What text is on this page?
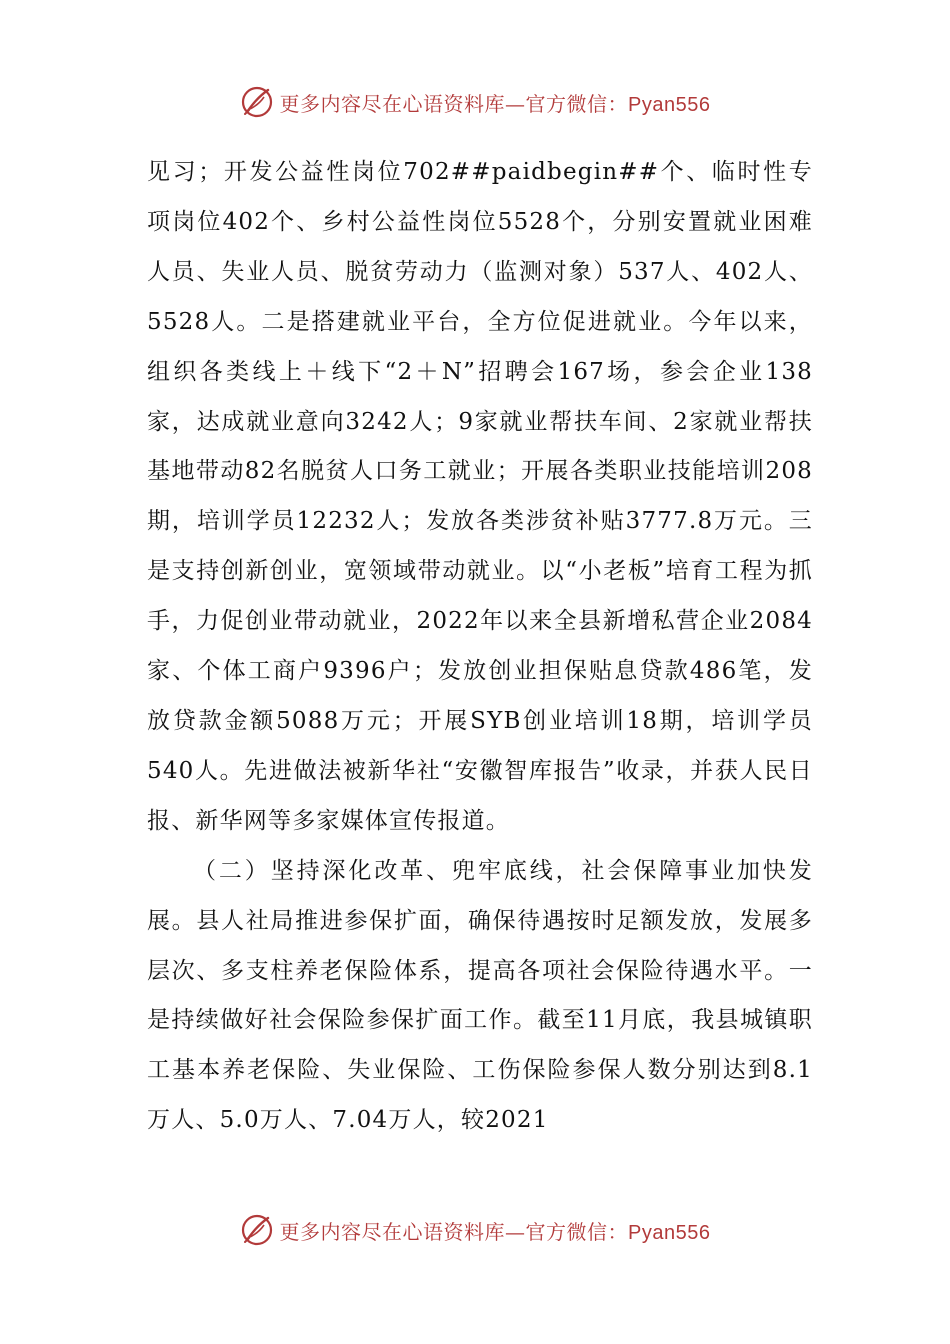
更多内容尽在心语资料库—官方微信：Pyan556

见习；开发公益性岗位702##paidbegin##个、临时性专项岗位402个、乡村公益性岗位5528个，分别安置就业困难人员、失业人员、脱贫劳动力（监测对象）537人、402人、5528人。二是搭建就业平台，全方位促进就业。今年以来，组织各类线上＋线下“2＋N”招聘会167场，参会企业138家，达成就业意向3242人；9家就业帮扶车间、2家就业帮扶基地带动82名脱贫人口务工就业；开展各类职业技能培训208期，培训学员12232人；发放各类涉贫补贴3777.8万元。三是支持创新创业，宽领域带动就业。以“小老板”培育工程为抓手，力促创业带动就业，2022年以来全县新增私营企业2084家、个体工商户9396户；发放创业担保贴息贷款486笔，发放贷款金额5088万元；开展SYB创业培训18期，培训学员540人。先进做法被新华社“安徽智库报告”收录，并获人民日报、新华网等多家媒体宣传报道。

（二）坚持深化改革、兜牢底线，社会保障事业加快发展。县人社局推进参保扩面，确保待遇按时足额发放，发展多层次、多支柱养老保险体系，提高各项社会保险待遇水平。一是持续做好社会保险参保扩面工作。截至11月底，我县城镇职工基本养老保险、失业保险、工伤保险参保人数分别达到8.1万人、5.0万人、7.04万人，较2021

更多内容尽在心语资料库—官方微信：Pyan556
